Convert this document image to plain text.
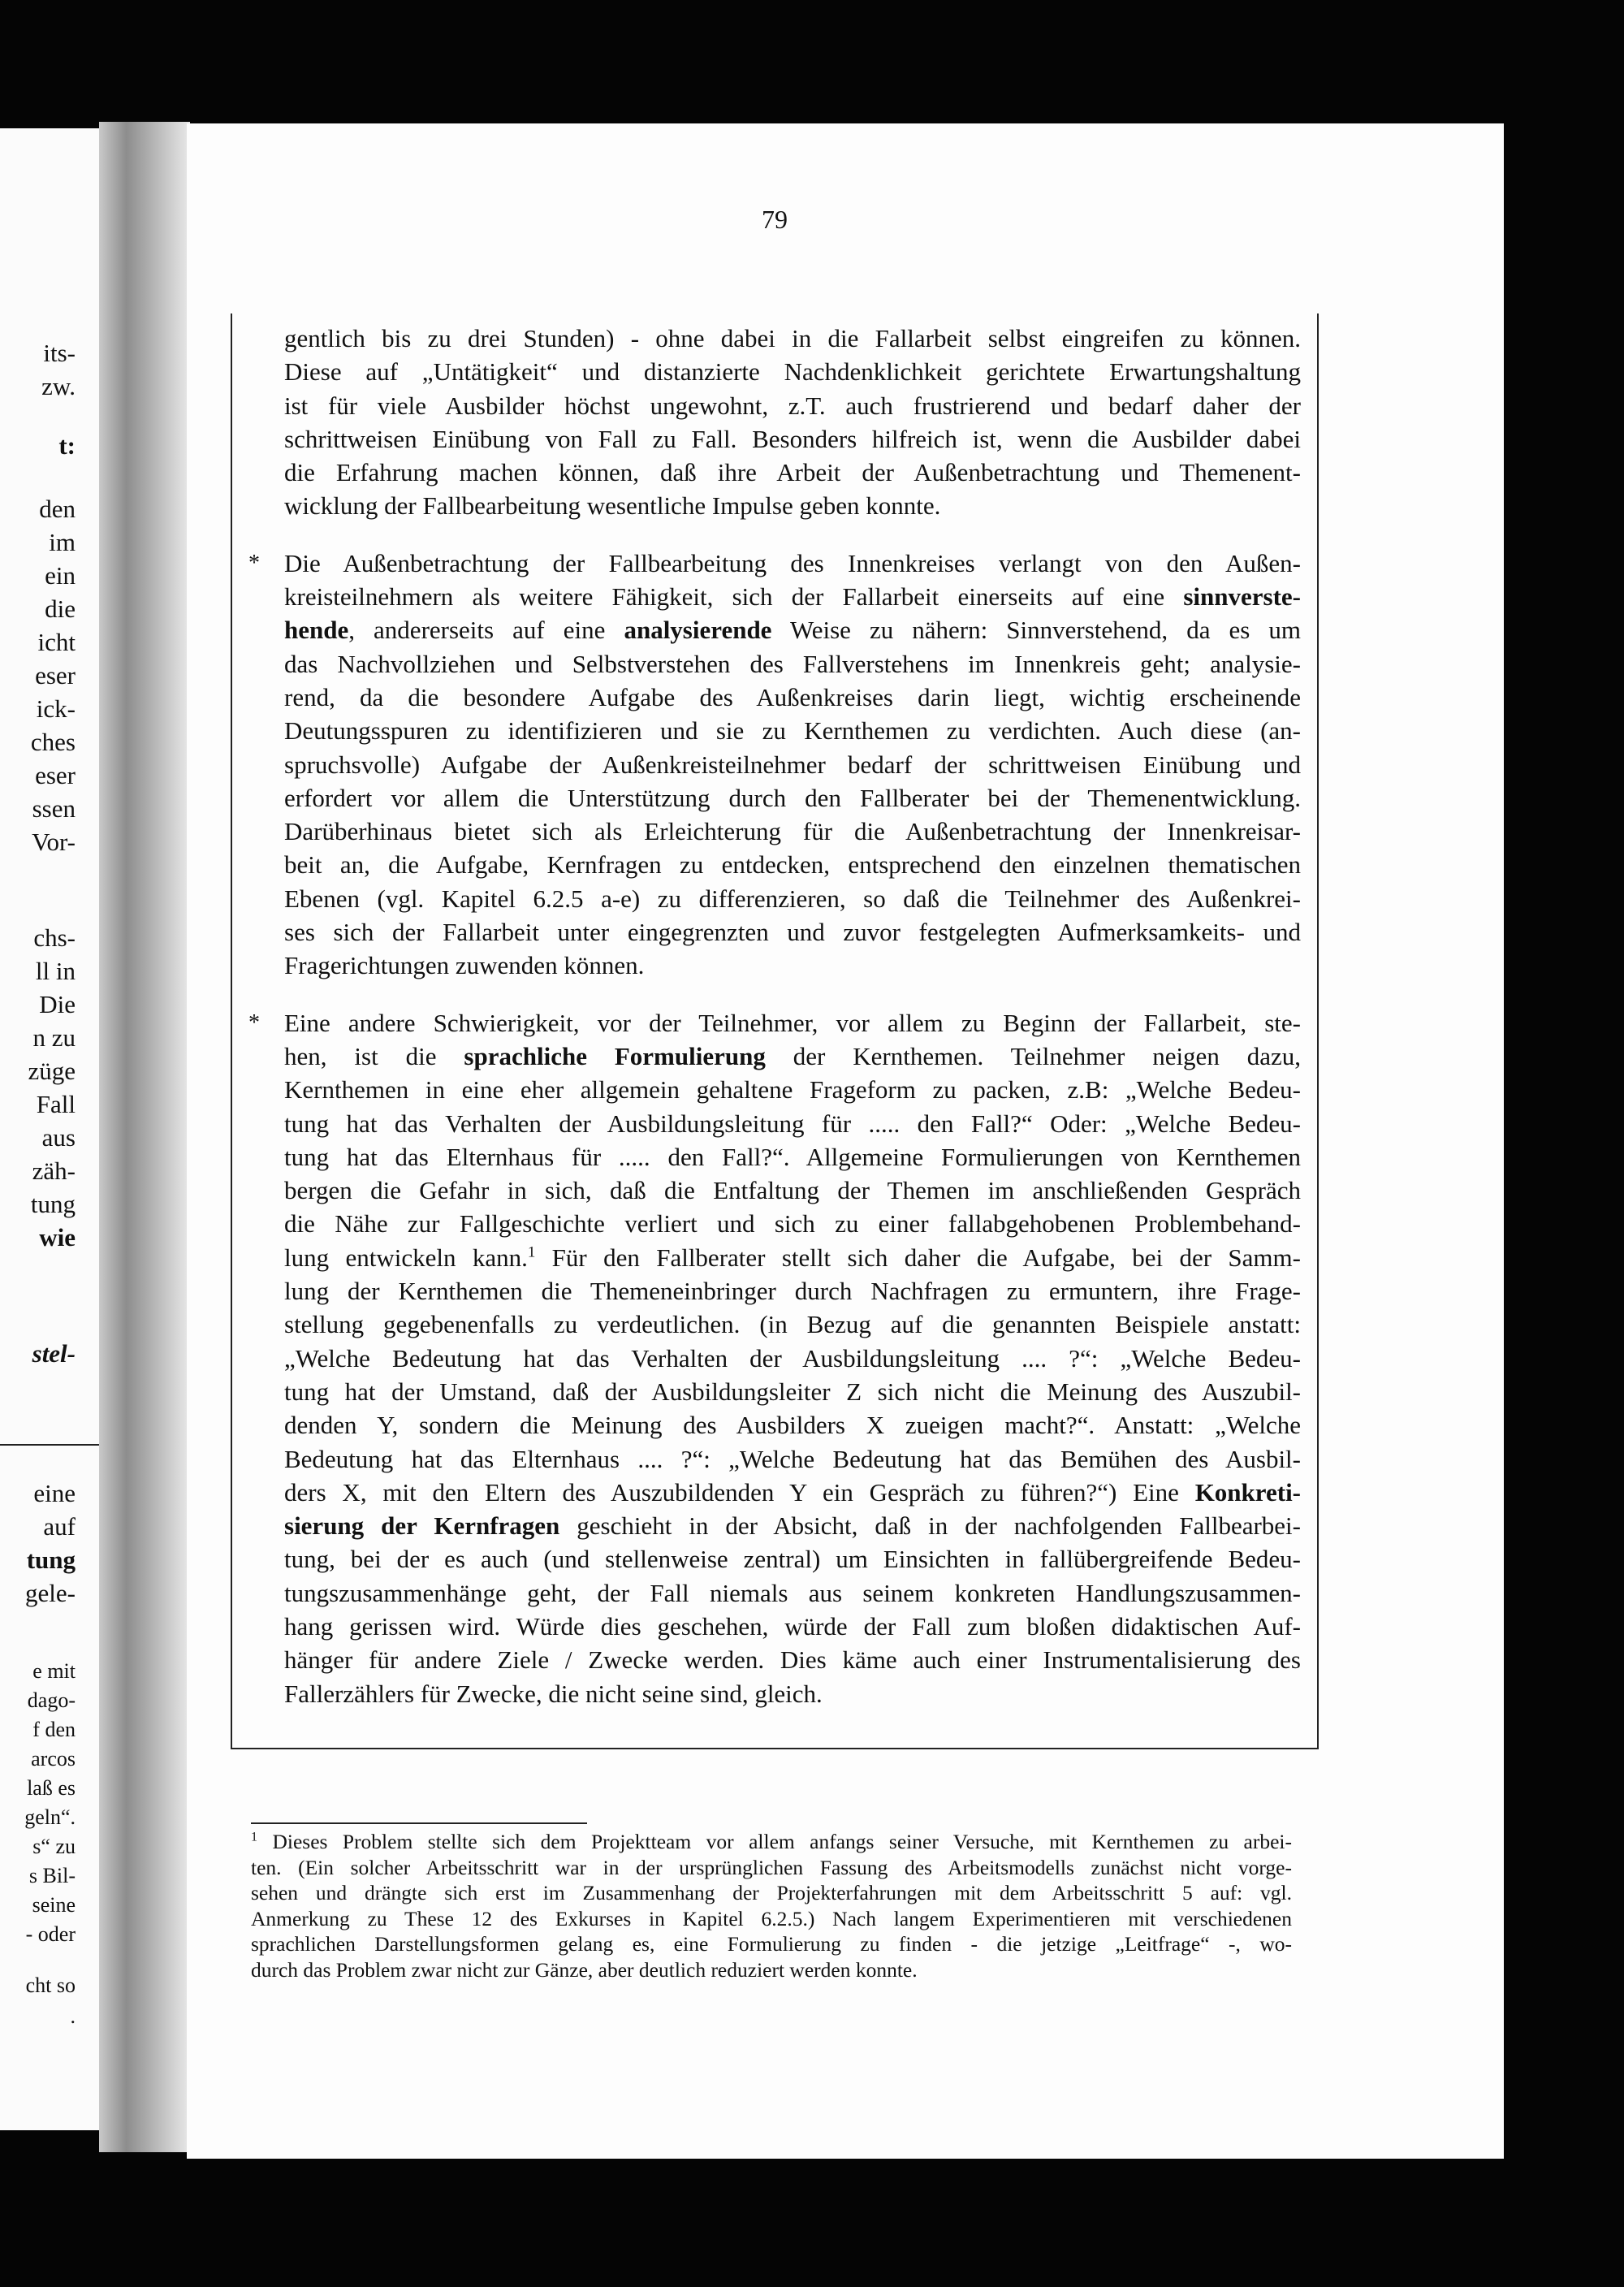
its-
zw.
t:
den
im
ein
die
icht
eser
ick-
ches
eser
ssen
Vor-
chs-
ll in
Die
n zu
züge
Fall
aus
zäh-
tung
wie
stel-
eine
auf
tung
gele-
e mit
dago-
f den
arcos
laß es
geln“.
s“ zu
s Bil-
seine
- oder
cht so
.
79
gentlich bis zu drei Stunden) - ohne dabei in die Fallarbeit selbst eingreifen zu können.
Diese auf „Untätigkeit“ und distanzierte Nachdenklichkeit gerichtete Erwartungshaltung
ist für viele Ausbilder höchst ungewohnt, z.T. auch frustrierend und bedarf daher der
schrittweisen Einübung von Fall zu Fall. Besonders hilfreich ist, wenn die Ausbilder dabei
die Erfahrung machen können, daß ihre Arbeit der Außenbetrachtung und Themenent-
wicklung der Fallbearbeitung wesentliche Impulse geben konnte.
* Die Außenbetrachtung der Fallbearbeitung des Innenkreises verlangt von den Außen-
kreisteilnehmern als weitere Fähigkeit, sich der Fallarbeit einerseits auf eine sinnverste-
hende, andererseits auf eine analysierende Weise zu nähern: Sinnverstehend, da es um
das Nachvollziehen und Selbstverstehen des Fallverstehens im Innenkreis geht; analysie-
rend, da die besondere Aufgabe des Außenkreises darin liegt, wichtig erscheinende
Deutungsspuren zu identifizieren und sie zu Kernthemen zu verdichten. Auch diese (an-
spruchsvolle) Aufgabe der Außenkreisteilnehmer bedarf der schrittweisen Einübung und
erfordert vor allem die Unterstützung durch den Fallberater bei der Themenentwicklung.
Darüberhinaus bietet sich als Erleichterung für die Außenbetrachtung der Innenkreisar-
beit an, die Aufgabe, Kernfragen zu entdecken, entsprechend den einzelnen thematischen
Ebenen (vgl. Kapitel 6.2.5 a-e) zu differenzieren, so daß die Teilnehmer des Außenkrei-
ses sich der Fallarbeit unter eingegrenzten und zuvor festgelegten Aufmerksamkeits- und
Fragerichtungen zuwenden können.
* Eine andere Schwierigkeit, vor der Teilnehmer, vor allem zu Beginn der Fallarbeit, ste-
hen, ist die sprachliche Formulierung der Kernthemen. Teilnehmer neigen dazu,
Kernthemen in eine eher allgemein gehaltene Frageform zu packen, z.B: „Welche Bedeu-
tung hat das Verhalten der Ausbildungsleitung für ..... den Fall?“ Oder: „Welche Bedeu-
tung hat das Elternhaus für ..... den Fall?“. Allgemeine Formulierungen von Kernthemen
bergen die Gefahr in sich, daß die Entfaltung der Themen im anschließenden Gespräch
die Nähe zur Fallgeschichte verliert und sich zu einer fallabgehobenen Problembehand-
lung entwickeln kann.$^1$ Für den Fallberater stellt sich daher die Aufgabe, bei der Samm-
lung der Kernthemen die Themeneinbringer durch Nachfragen zu ermuntern, ihre Frage-
stellung gegebenenfalls zu verdeutlichen. (in Bezug auf die genannten Beispiele anstatt:
„Welche Bedeutung hat das Verhalten der Ausbildungsleitung .... ?“: „Welche Bedeu-
tung hat der Umstand, daß der Ausbildungsleiter Z sich nicht die Meinung des Auszubil-
denden Y, sondern die Meinung des Ausbilders X zueigen macht?“. Anstatt: „Welche
Bedeutung hat das Elternhaus .... ?“: „Welche Bedeutung hat das Bemühen des Ausbil-
ders X, mit den Eltern des Auszubildenden Y ein Gespräch zu führen?“) Eine Konkreti-
sierung der Kernfragen geschieht in der Absicht, daß in der nachfolgenden Fallbearbei-
tung, bei der es auch (und stellenweise zentral) um Einsichten in fallübergreifende Bedeu-
tungszusammenhänge geht, der Fall niemals aus seinem konkreten Handlungszusammen-
hang gerissen wird. Würde dies geschehen, würde der Fall zum bloßen didaktischen Auf-
hänger für andere Ziele / Zwecke werden. Dies käme auch einer Instrumentalisierung des
Fallerzählers für Zwecke, die nicht seine sind, gleich.
$^1$ Dieses Problem stellte sich dem Projektteam vor allem anfangs seiner Versuche, mit Kernthemen zu arbei-
ten. (Ein solcher Arbeitsschritt war in der ursprünglichen Fassung des Arbeitsmodells zunächst nicht vorge-
sehen und drängte sich erst im Zusammenhang der Projekterfahrungen mit dem Arbeitsschritt 5 auf: vgl.
Anmerkung zu These 12 des Exkurses in Kapitel 6.2.5.) Nach langem Experimentieren mit verschiedenen
sprachlichen Darstellungsformen gelang es, eine Formulierung zu finden - die jetzige „Leitfrage“ -, wo-
durch das Problem zwar nicht zur Gänze, aber deutlich reduziert werden konnte.
